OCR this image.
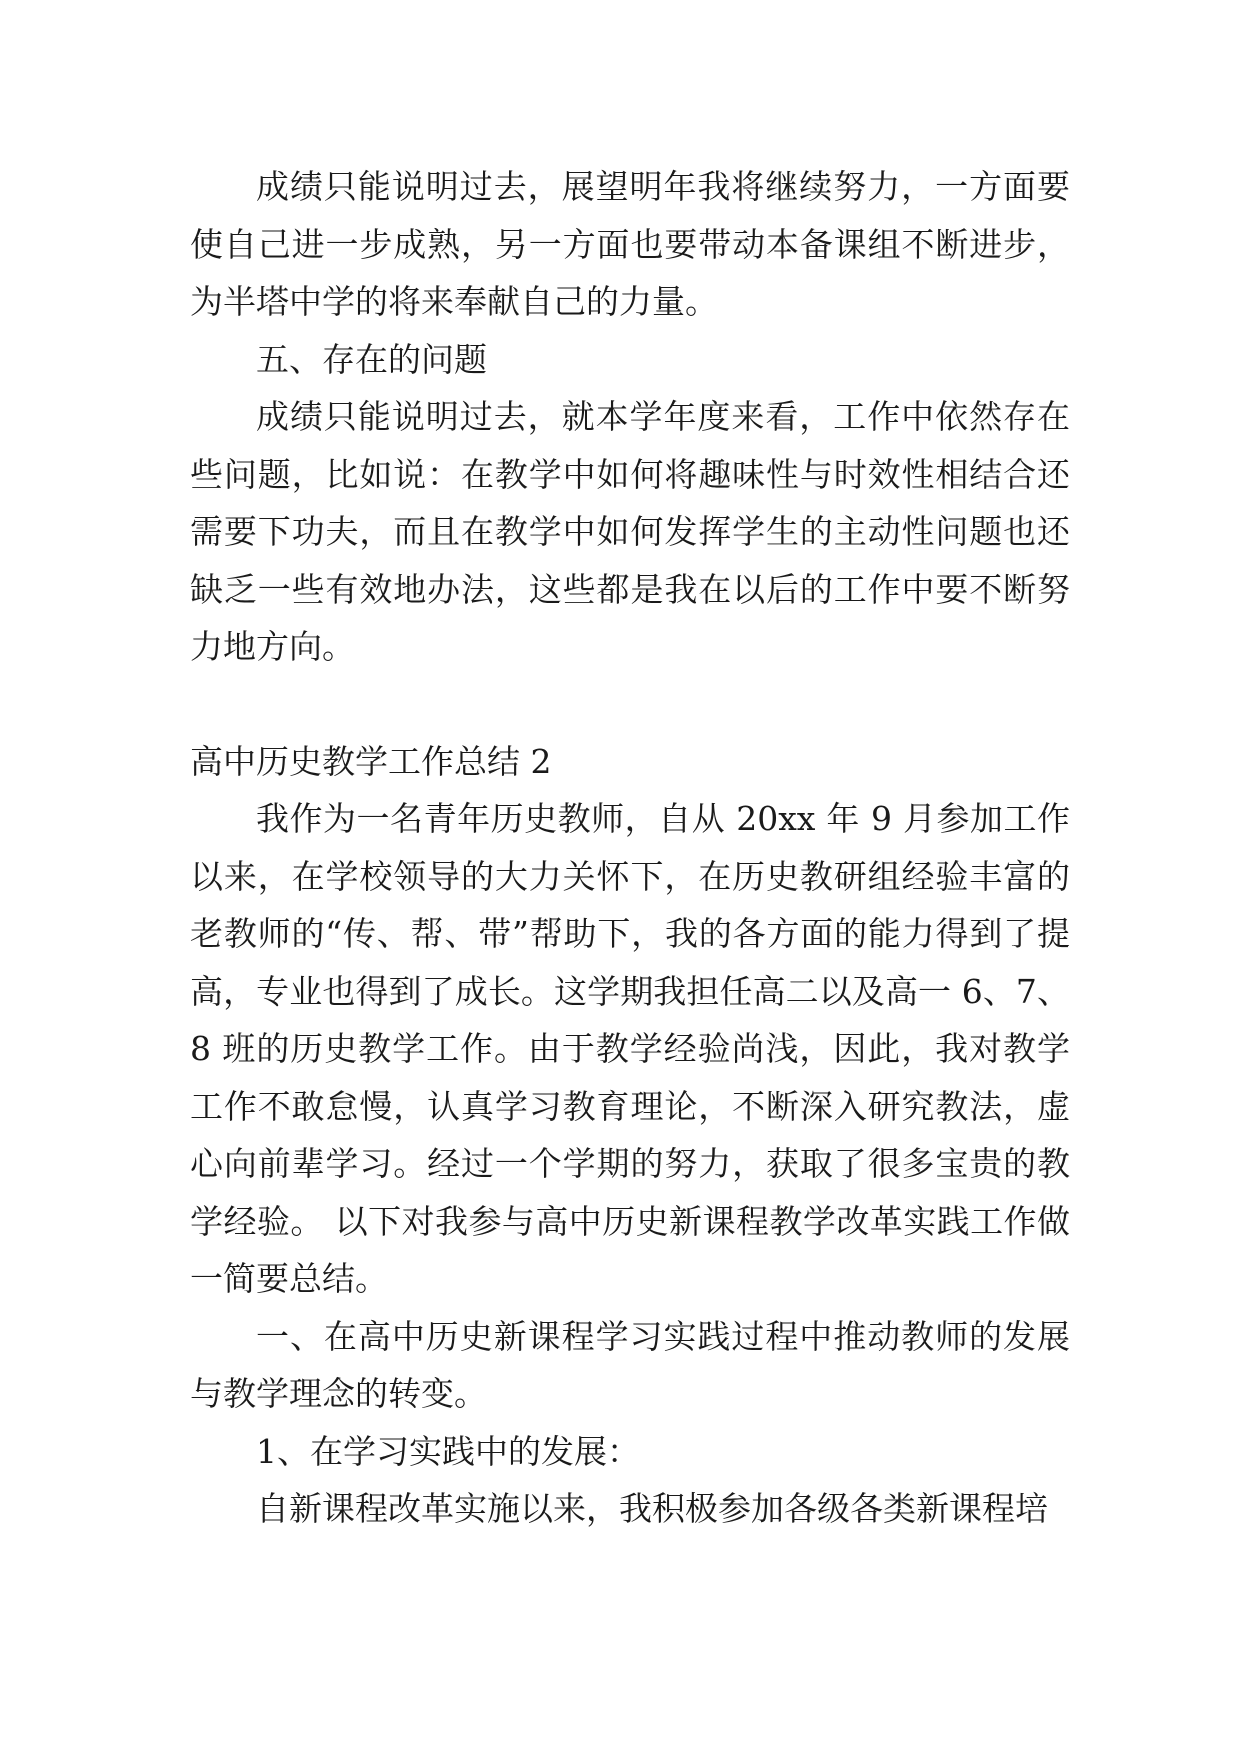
成绩只能说明过去，展望明年我将继续努力，一方面要使自己进一步成熟，另一方面也要带动本备课组不断进步，为半塔中学的将来奉献自己的力量。

五、存在的问题

成绩只能说明过去，就本学年度来看，工作中依然存在些问题，比如说：在教学中如何将趣味性与时效性相结合还需要下功夫，而且在教学中如何发挥学生的主动性问题也还缺乏一些有效地办法，这些都是我在以后的工作中要不断努力地方向。

高中历史教学工作总结 2

我作为一名青年历史教师，自从 20xx 年 9 月参加工作以来，在学校领导的大力关怀下，在历史教研组经验丰富的老教师的“传、帮、带”帮助下，我的各方面的能力得到了提高，专业也得到了成长。这学期我担任高二以及高一 6、7、8 班的历史教学工作。由于教学经验尚浅，因此，我对教学工作不敢怠慢，认真学习教育理论，不断深入研究教法，虚心向前辈学习。经过一个学期的努力，获取了很多宝贵的教学经验。 以下对我参与高中历史新课程教学改革实践工作做一简要总结。

一、在高中历史新课程学习实践过程中推动教师的发展与教学理念的转变。

1、在学习实践中的发展：

自新课程改革实施以来，我积极参加各级各类新课程培
